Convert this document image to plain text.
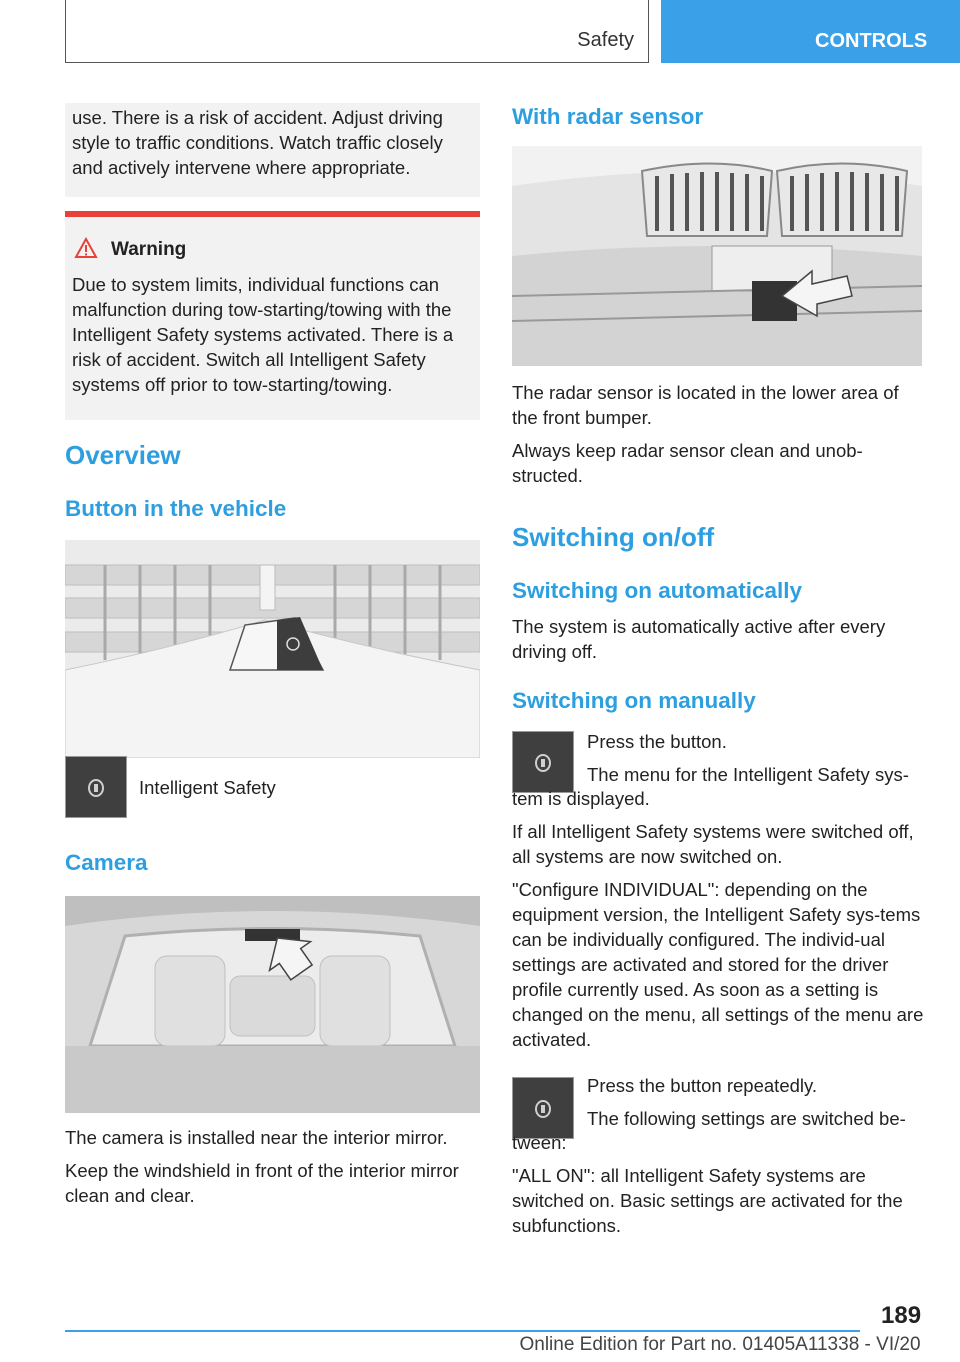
Safety	CONTROLS

use. There is a risk of accident. Adjust driving style to traffic conditions. Watch traffic closely and actively intervene where appropriate.

Warning

Due to system limits, individual functions can malfunction during tow-starting/towing with the Intelligent Safety systems activated. There is a risk of accident. Switch all Intelligent Safety systems off prior to tow-starting/towing.

Overview
Button in the vehicle
Intelligent Safety
Camera

The camera is installed near the interior mirror.

Keep the windshield in front of the interior mirror clean and clear.

With radar sensor

The radar sensor is located in the lower area of the front bumper.

Always keep radar sensor clean and unobstructed.

Switching on/off
Switching on automatically

The system is automatically active after every driving off.

Switching on manually

Press the button.

The menu for the Intelligent Safety sys‐

tem is displayed.

If all Intelligent Safety systems were switched off, all systems are now switched on.

"Configure INDIVIDUAL": depending on the equipment version, the Intelligent Safety sys‐tems can be individually configured. The individ‐ual settings are activated and stored for the driver profile currently used. As soon as a setting is changed on the menu, all settings of the menu are activated.

Press the button repeatedly.

The following settings are switched be‐

tween:

"ALL ON": all Intelligent Safety systems are switched on. Basic settings are activated for the subfunctions.

189
Online Edition for Part no. 01405A11338 - VI/20
